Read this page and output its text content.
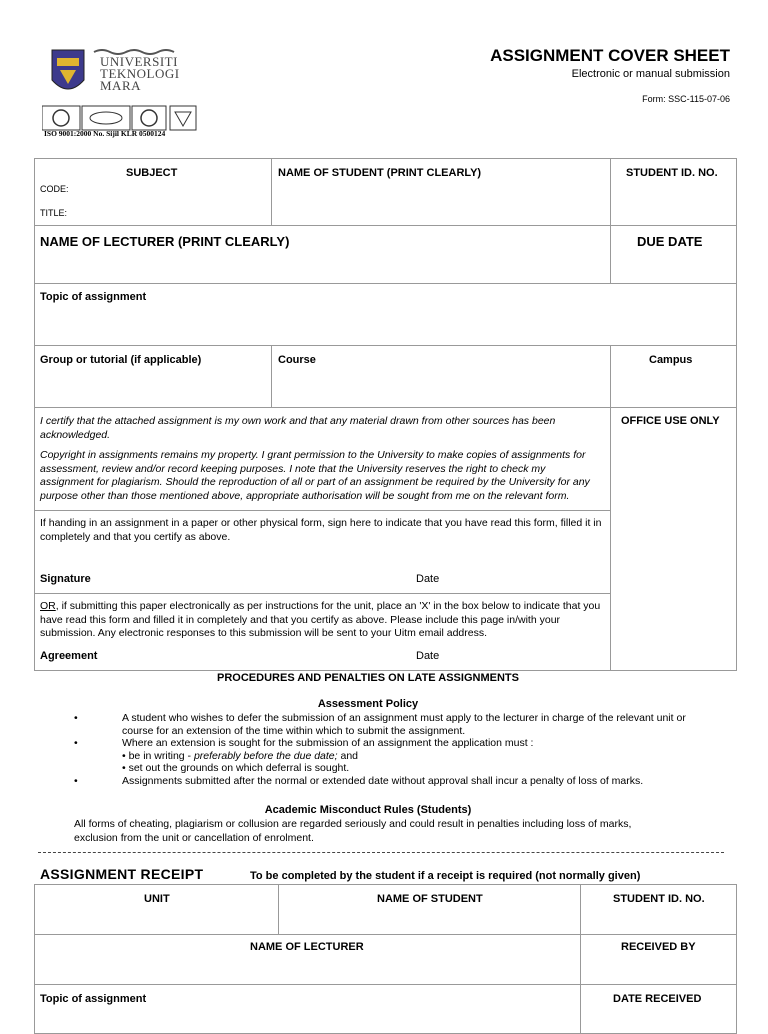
UNIVERSITI
TEKNOLOGI
MARA
ISO 9001:2000 No. Sijil KLR 0500124
ASSIGNMENT COVER SHEET
Electronic or manual submission
Form: SSC-115-07-06
SUBJECT
CODE:
TITLE:
NAME OF STUDENT (PRINT CLEARLY)	STUDENT ID. NO.
NAME OF LECTURER (PRINT CLEARLY)	DUE DATE
Topic of assignment
Group or tutorial (if applicable)	Course	Campus
I certify that the attached assignment is my own work and that any material drawn from other sources has been acknowledged.
Copyright in assignments remains my property. I grant permission to the University to make copies of assignments for assessment, review and/or record keeping purposes. I note that the University reserves the right to check my assignment for plagiarism. Should the reproduction of all or part of an assignment be required by the University for any purpose other than those mentioned above, appropriate authorisation will be sought from me on the relevant form.
OFFICE USE ONLY
If handing in an assignment in a paper or other physical form, sign here to indicate that you have read this form, filled it in completely and that you certify as above.
Signature	Date
OR, if submitting this paper electronically as per instructions for the unit, place an 'X' in the box below to indicate that you have read this form and filled it in completely and that you certify as above. Please include this page in/with your submission. Any electronic responses to this submission will be sent to your Uitm email address.
Agreement	Date
PROCEDURES AND PENALTIES ON LATE ASSIGNMENTS
Assessment Policy
•	A student who wishes to defer the submission of an assignment must apply to the lecturer in charge of the relevant unit or course for an extension of the time within which to submit the assignment.
•	Where an extension is sought for the submission of an assignment the application must :
• be in writing - preferably before the due date; and
• set out the grounds on which deferral is sought.
•	Assignments submitted after the normal or extended date without approval shall incur a penalty of loss of marks.
Academic Misconduct Rules (Students)
All forms of cheating, plagiarism or collusion are regarded seriously and could result in penalties including loss of marks, exclusion from the unit or cancellation of enrolment.
ASSIGNMENT RECEIPT	To be completed by the student if a receipt is required (not normally given)
UNIT	NAME OF STUDENT	STUDENT ID. NO.
NAME OF LECTURER	RECEIVED BY
Topic of assignment	DATE RECEIVED
